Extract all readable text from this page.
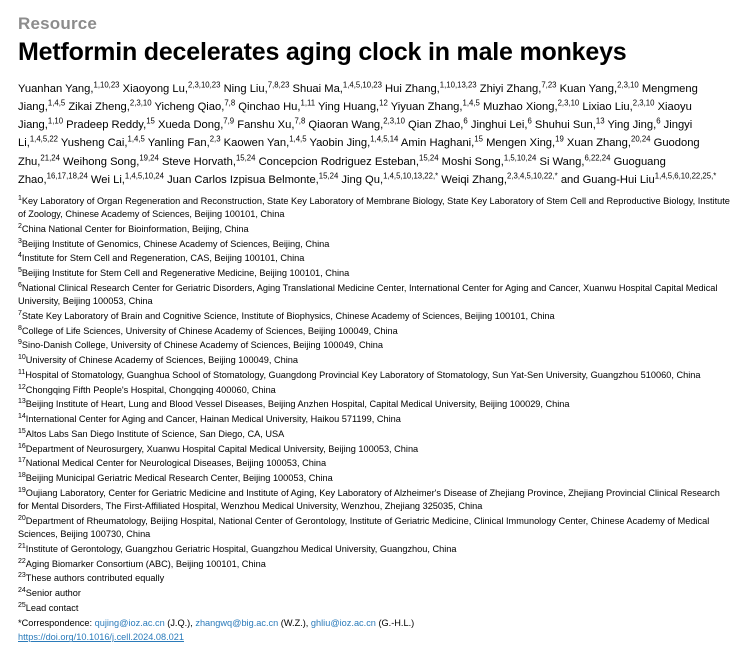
Resource
Metformin decelerates aging clock in male monkeys
Yuanhan Yang,$^{1,10,23}$ Xiaoyong Lu,$^{2,3,10,23}$ Ning Liu,$^{7,8,23}$ Shuai Ma,$^{1,4,5,10,23}$ Hui Zhang,$^{1,10,13,23}$ Zhiyi Zhang,$^{7,23}$ Kuan Yang,$^{2,3,10}$ Mengmeng Jiang,$^{1,4,5}$ Zikai Zheng,$^{2,3,10}$ Yicheng Qiao,$^{7,8}$ Qinchao Hu,$^{1,11}$ Ying Huang,$^{12}$ Yiyuan Zhang,$^{1,4,5}$ Muzhao Xiong,$^{2,3,10}$ Lixiao Liu,$^{2,3,10}$ Xiaoyu Jiang,$^{1,10}$ Pradeep Reddy,$^{15}$ Xueda Dong,$^{7,9}$ Fanshu Xu,$^{7,8}$ Qiaoran Wang,$^{2,3,10}$ Qian Zhao,$^6$ Jinghui Lei,$^6$ Shuhui Sun,$^{13}$ Ying Jing,$^6$ Jingyi Li,$^{1,4,5,22}$ Yusheng Cai,$^{1,4,5}$ Yanling Fan,$^{2,3}$ Kaowen Yan,$^{1,4,5}$ Yaobin Jing,$^{1,4,5,14}$ Amin Haghani,$^{15}$ Mengen Xing,$^{19}$ Xuan Zhang,$^{20,24}$ Guodong Zhu,$^{21,24}$ Weihong Song,$^{19,24}$ Steve Horvath,$^{15,24}$ Concepcion Rodriguez Esteban,$^{15,24}$ Moshi Song,$^{1,5,10,24}$ Si Wang,$^{6,22,24}$ Guoguang Zhao,$^{16,17,18,24}$ Wei Li,$^{1,4,5,10,24}$ Juan Carlos Izpisua Belmonte,$^{15,24}$ Jing Qu,$^{1,4,5,10,13,22,*}$ Weiqi Zhang,$^{2,3,4,5,10,22,*}$ and Guang-Hui Liu$^{1,4,5,6,10,22,25,*}$
$^1$Key Laboratory of Organ Regeneration and Reconstruction, State Key Laboratory of Membrane Biology, State Key Laboratory of Stem Cell and Reproductive Biology, Institute of Zoology, Chinese Academy of Sciences, Beijing 100101, China
$^2$China National Center for Bioinformation, Beijing, China
$^3$Beijing Institute of Genomics, Chinese Academy of Sciences, Beijing, China
$^4$Institute for Stem Cell and Regeneration, CAS, Beijing 100101, China
$^5$Beijing Institute for Stem Cell and Regenerative Medicine, Beijing 100101, China
$^6$National Clinical Research Center for Geriatric Disorders, Aging Translational Medicine Center, International Center for Aging and Cancer, Xuanwu Hospital Capital Medical University, Beijing 100053, China
$^7$State Key Laboratory of Brain and Cognitive Science, Institute of Biophysics, Chinese Academy of Sciences, Beijing 100101, China
$^8$College of Life Sciences, University of Chinese Academy of Sciences, Beijing 100049, China
$^9$Sino-Danish College, University of Chinese Academy of Sciences, Beijing 100049, China
$^{10}$University of Chinese Academy of Sciences, Beijing 100049, China
$^{11}$Hospital of Stomatology, Guanghua School of Stomatology, Guangdong Provincial Key Laboratory of Stomatology, Sun Yat-Sen University, Guangzhou 510060, China
$^{12}$Chongqing Fifth People's Hospital, Chongqing 400060, China
$^{13}$Beijing Institute of Heart, Lung and Blood Vessel Diseases, Beijing Anzhen Hospital, Capital Medical University, Beijing 100029, China
$^{14}$International Center for Aging and Cancer, Hainan Medical University, Haikou 571199, China
$^{15}$Altos Labs San Diego Institute of Science, San Diego, CA, USA
$^{16}$Department of Neurosurgery, Xuanwu Hospital Capital Medical University, Beijing 100053, China
$^{17}$National Medical Center for Neurological Diseases, Beijing 100053, China
$^{18}$Beijing Municipal Geriatric Medical Research Center, Beijing 100053, China
$^{19}$Oujiang Laboratory, Center for Geriatric Medicine and Institute of Aging, Key Laboratory of Alzheimer's Disease of Zhejiang Province, Zhejiang Provincial Clinical Research for Mental Disorders, The First-Affiliated Hospital, Wenzhou Medical University, Wenzhou, Zhejiang 325035, China
$^{20}$Department of Rheumatology, Beijing Hospital, National Center of Gerontology, Institute of Geriatric Medicine, Clinical Immunology Center, Chinese Academy of Medical Sciences, Beijing 100730, China
$^{21}$Institute of Gerontology, Guangzhou Geriatric Hospital, Guangzhou Medical University, Guangzhou, China
$^{22}$Aging Biomarker Consortium (ABC), Beijing 100101, China
$^{23}$These authors contributed equally
$^{24}$Senior author
$^{25}$Lead contact
*Correspondence: qujing@ioz.ac.cn (J.Q.), zhangwq@big.ac.cn (W.Z.), ghliu@ioz.ac.cn (G.-H.L.)
https://doi.org/10.1016/j.cell.2024.08.021
